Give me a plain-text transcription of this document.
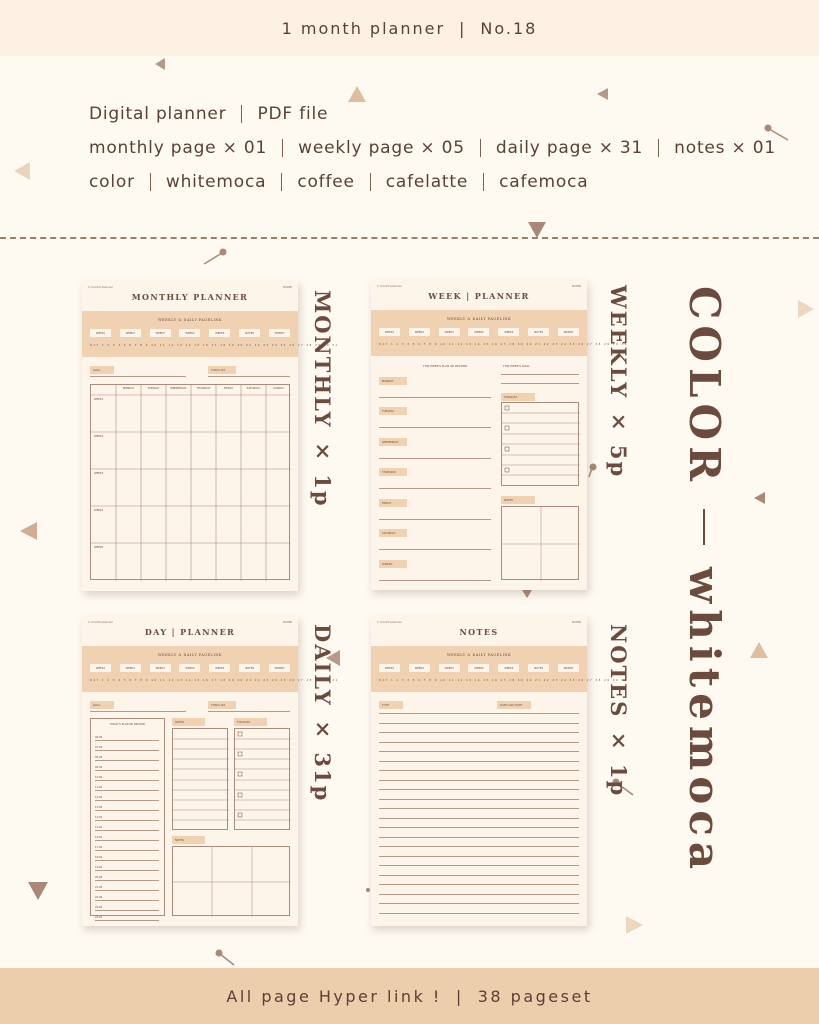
1 month planner | No.18
Digital planner PDF file
monthly page × 01 weekly page × 05 daily page × 31 notes × 01
color whitemoca coffee cafelatte cafemoca
1 month planner	HOME
MONTHLY PLANNER
WEEKLY & DAILY PAGELINK
WEEK1	WEEK2	WEEK3	WEEK4	WEEK5	NOTES	MONTH
DAY 1 2 3 4 5 6 7 8 9 10 11 12 13 14 15 16 17 18 19 20 21 22 23 24 25 26 27 28 29 30 31
GOAL	TODO LIST
MONDAY	TUESDAY	WEDNESDAY	THURSDAY	FRIDAY	SATURDAY	SUNDAY
WEEK1
WEEK2
WEEK3
WEEK4
WEEK5
MONTHLY × 1p
1 month planner	HOME
WEEK | PLANNER
WEEKLY & DAILY PAGELINK
WEEK1	WEEK2	WEEK3	WEEK4	WEEK5	NOTES	MONTH
DAY 1 2 3 4 5 6 7 8 9 10 11 12 13 14 15 16 17 18 19 20 21 22 23 24 25 26 27 28 29 30 31
THIS WEEK'S PLAN OR RECORD	THIS WEEK'S GOAL
MONDAY
TUESDAY
WEDNESDAY
THURSDAY
FRIDAY
SATURDAY
SUNDAY
TODOLIST
NOTES
WEEKLY × 5p
1 month planner	HOME
DAY | PLANNER
WEEKLY & DAILY PAGELINK
WEEK1	WEEK2	WEEK3	WEEK4	WEEK5	NOTES	MONTH
DAY 1 2 3 4 5 6 7 8 9 10 11 12 13 14 15 16 17 18 19 20 21 22 23 24 25 26 27 28 29 30 31
GOAL	TODO LIST
TODAY'S PLAN OR RECORD
06:00
07:00
08:00
09:00
10:00
11:00
12:00
13:00
14:00
15:00
16:00
17:00
18:00
19:00
20:00
21:00
22:00
23:00
24:00
NOTES	TODOLIST
NOTES
DAILY × 31p
1 month planner	HOME
NOTES
WEEKLY & DAILY PAGELINK
WEEK1	WEEK2	WEEK3	WEEK4	WEEK5	NOTES	MONTH
DAY 1 2 3 4 5 6 7 8 9 10 11 12 13 14 15 16 17 18 19 20 21 22 23 24 25 26 27 28 29 30 31
TITLE	DATE/ DAY/ DATE	NOTES × 1p
COLORwhitemoca
All page Hyper link ! | 38 pageset
